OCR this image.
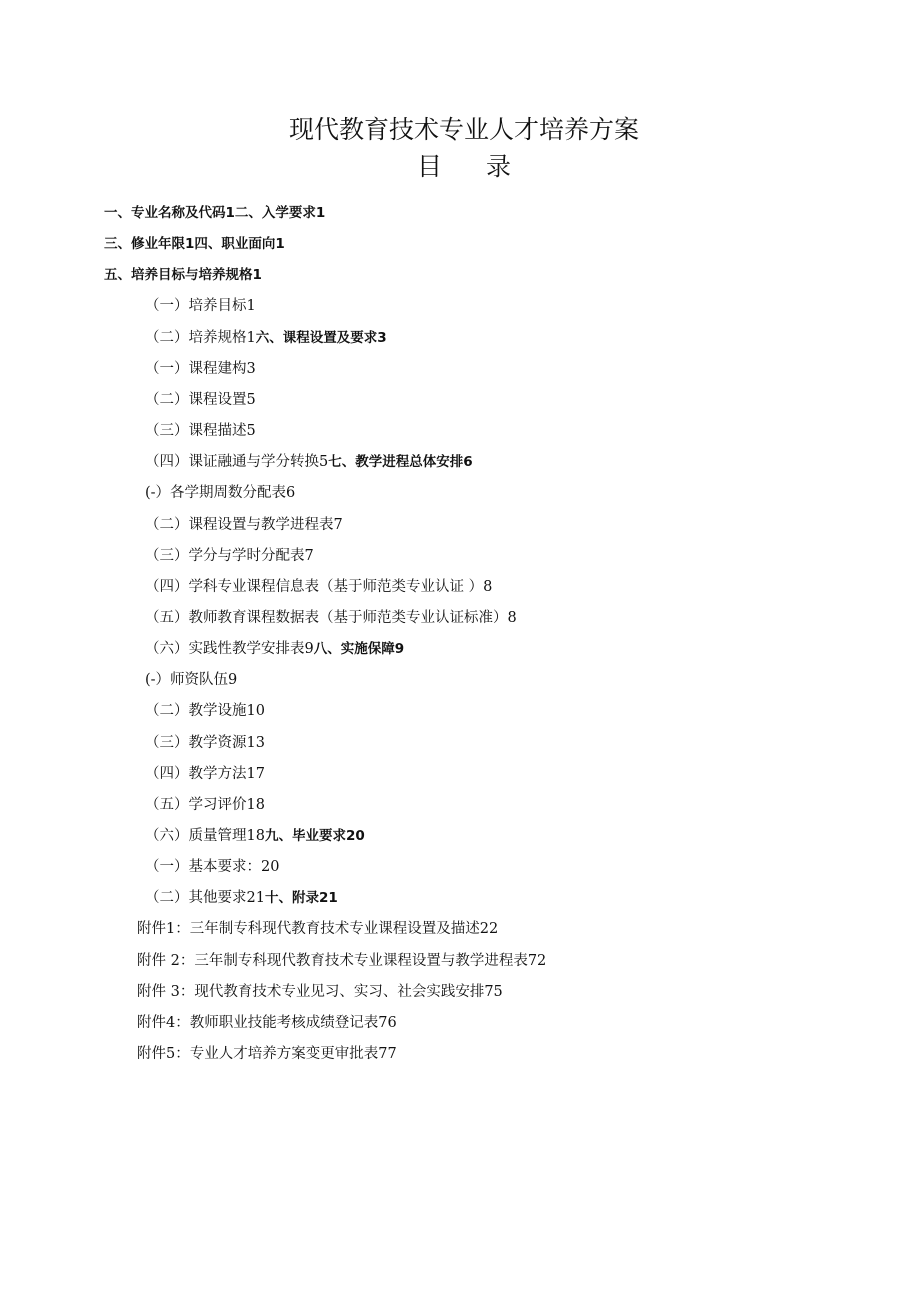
现代教育技术专业人才培养方案
目 录
一、专业名称及代码1二、入学要求1
三、修业年限1四、职业面向1
五、培养目标与培养规格1
（一）培养目标1
（二）培养规格1六、课程设置及要求3
（一）课程建构3
（二）课程设置5
（三）课程描述5
（四）课证融通与学分转换5七、教学进程总体安排6
(-）各学期周数分配表6
（二）课程设置与教学进程表7
（三）学分与学时分配表7
（四）学科专业课程信息表（基于师范类专业认证 ）8
（五）教师教育课程数据表（基于师范类专业认证标准）8
（六）实践性教学安排表9八、实施保障9
(-）师资队伍9
（二）教学设施10
（三）教学资源13
（四）教学方法17
（五）学习评价18
（六）质量管理18九、毕业要求20
（一）基本要求：20
（二）其他要求21十、附录21
附件1：三年制专科现代教育技术专业课程设置及描述22
附件 2：三年制专科现代教育技术专业课程设置与教学进程表72
附件 3：现代教育技术专业见习、实习、社会实践安排75
附件4：教师职业技能考核成绩登记表76
附件5：专业人才培养方案变更审批表77
